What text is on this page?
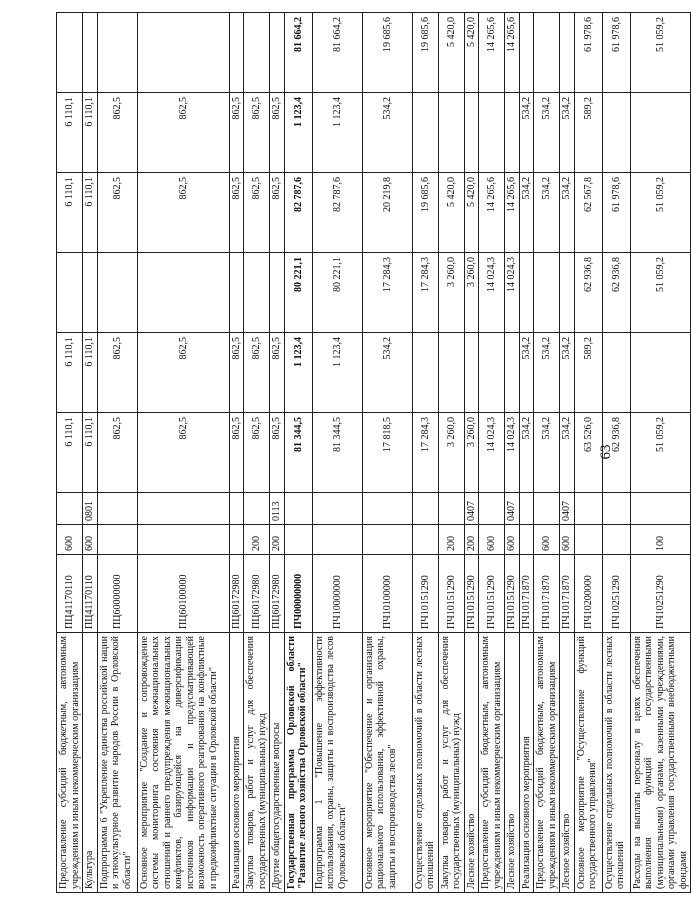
63
Предоставление субсидий бюджетным, автономным учреждениям и иным некоммерческим организациям	ПЦ41170110	600		6 110,1	6 110,1		6 110,1	6 110,1	
Культура	ПЦ41170110	600	0801	6 110,1	6 110,1		6 110,1	6 110,1	
Подпрограмма 6 "Укрепление единства российской нации и этнокультурное развитие народов России в Орловской области"	ПЦ60000000			862,5	862,5		862,5	862,5	
Основное мероприятие "Создание и сопровождение системы мониторинга состояния межнациональных отношений и раннего предупреждения межнациональных конфликтов, базирующейся на диверсификации источников информации и предусматривающей возможность оперативного реагирования на конфликтные и предконфликтные ситуации в Орловской области"	ПЦ60100000			862,5	862,5		862,5	862,5	
Реализация основного мероприятия	ПЦ60172980			862,5	862,5		862,5	862,5	
Закупка товаров, работ и услуг для обеспечения государственных (муниципальных) нужд	ПЦ60172980	200		862,5	862,5		862,5	862,5	
Другие общегосударственные вопросы	ПЦ60172980	200	0113	862,5	862,5		862,5	862,5	
Государственная программа Орловской области "Развитие лесного хозяйства Орловской области"	ПЧ00000000			81 344,5	1 123,4	80 221,1	82 787,6	1 123,4	81 664,2
Подпрограмма 1 "Повышение эффективности использования, охраны, защиты и воспроизводства лесов Орловской области"	ПЧ10000000			81 344,5	1 123,4	80 221,1	82 787,6	1 123,4	81 664,2
Основное мероприятие "Обеспечение и организация рационального использования, эффективной охраны, защиты и воспроизводства лесов"	ПЧ10100000			17 818,5	534,2	17 284,3	20 219,8	534,2	19 685,6
Осуществление отдельных полномочий в области лесных отношений	ПЧ10151290			17 284,3		17 284,3	19 685,6		19 685,6
Закупка товаров, работ и услуг для обеспечения государственных (муниципальных) нужд	ПЧ10151290	200		3 260,0		3 260,0	5 420,0		5 420,0
Лесное хозяйство	ПЧ10151290	200	0407	3 260,0		3 260,0	5 420,0		5 420,0
Предоставление субсидий бюджетным, автономным учреждениям и иным некоммерческим организациям	ПЧ10151290	600		14 024,3		14 024,3	14 265,6		14 265,6
Лесное хозяйство	ПЧ10151290	600	0407	14 024,3		14 024,3	14 265,6		14 265,6
Реализация основного мероприятия	ПЧ10171870			534,2	534,2		534,2	534,2	
Предоставление субсидий бюджетным, автономным учреждениям и иным некоммерческим организациям	ПЧ10171870	600		534,2	534,2		534,2	534,2	
Лесное хозяйство	ПЧ10171870	600	0407	534,2	534,2		534,2	534,2	
Основное мероприятие "Осуществление функций государственного управления"	ПЧ10200000			63 526,0	589,2	62 936,8	62 567,8	589,2	61 978,6
Осуществление отдельных полномочий в области лесных отношений	ПЧ10251290			62 936,8		62 936,8	61 978,6		61 978,6
Расходы на выплаты персоналу в целях обеспечения выполнения функций государственными (муниципальными) органами, казенными учреждениями, органами управления государственными внебюджетными фондами	ПЧ10251290	100		51 059,2		51 059,2	51 059,2		51 059,2
